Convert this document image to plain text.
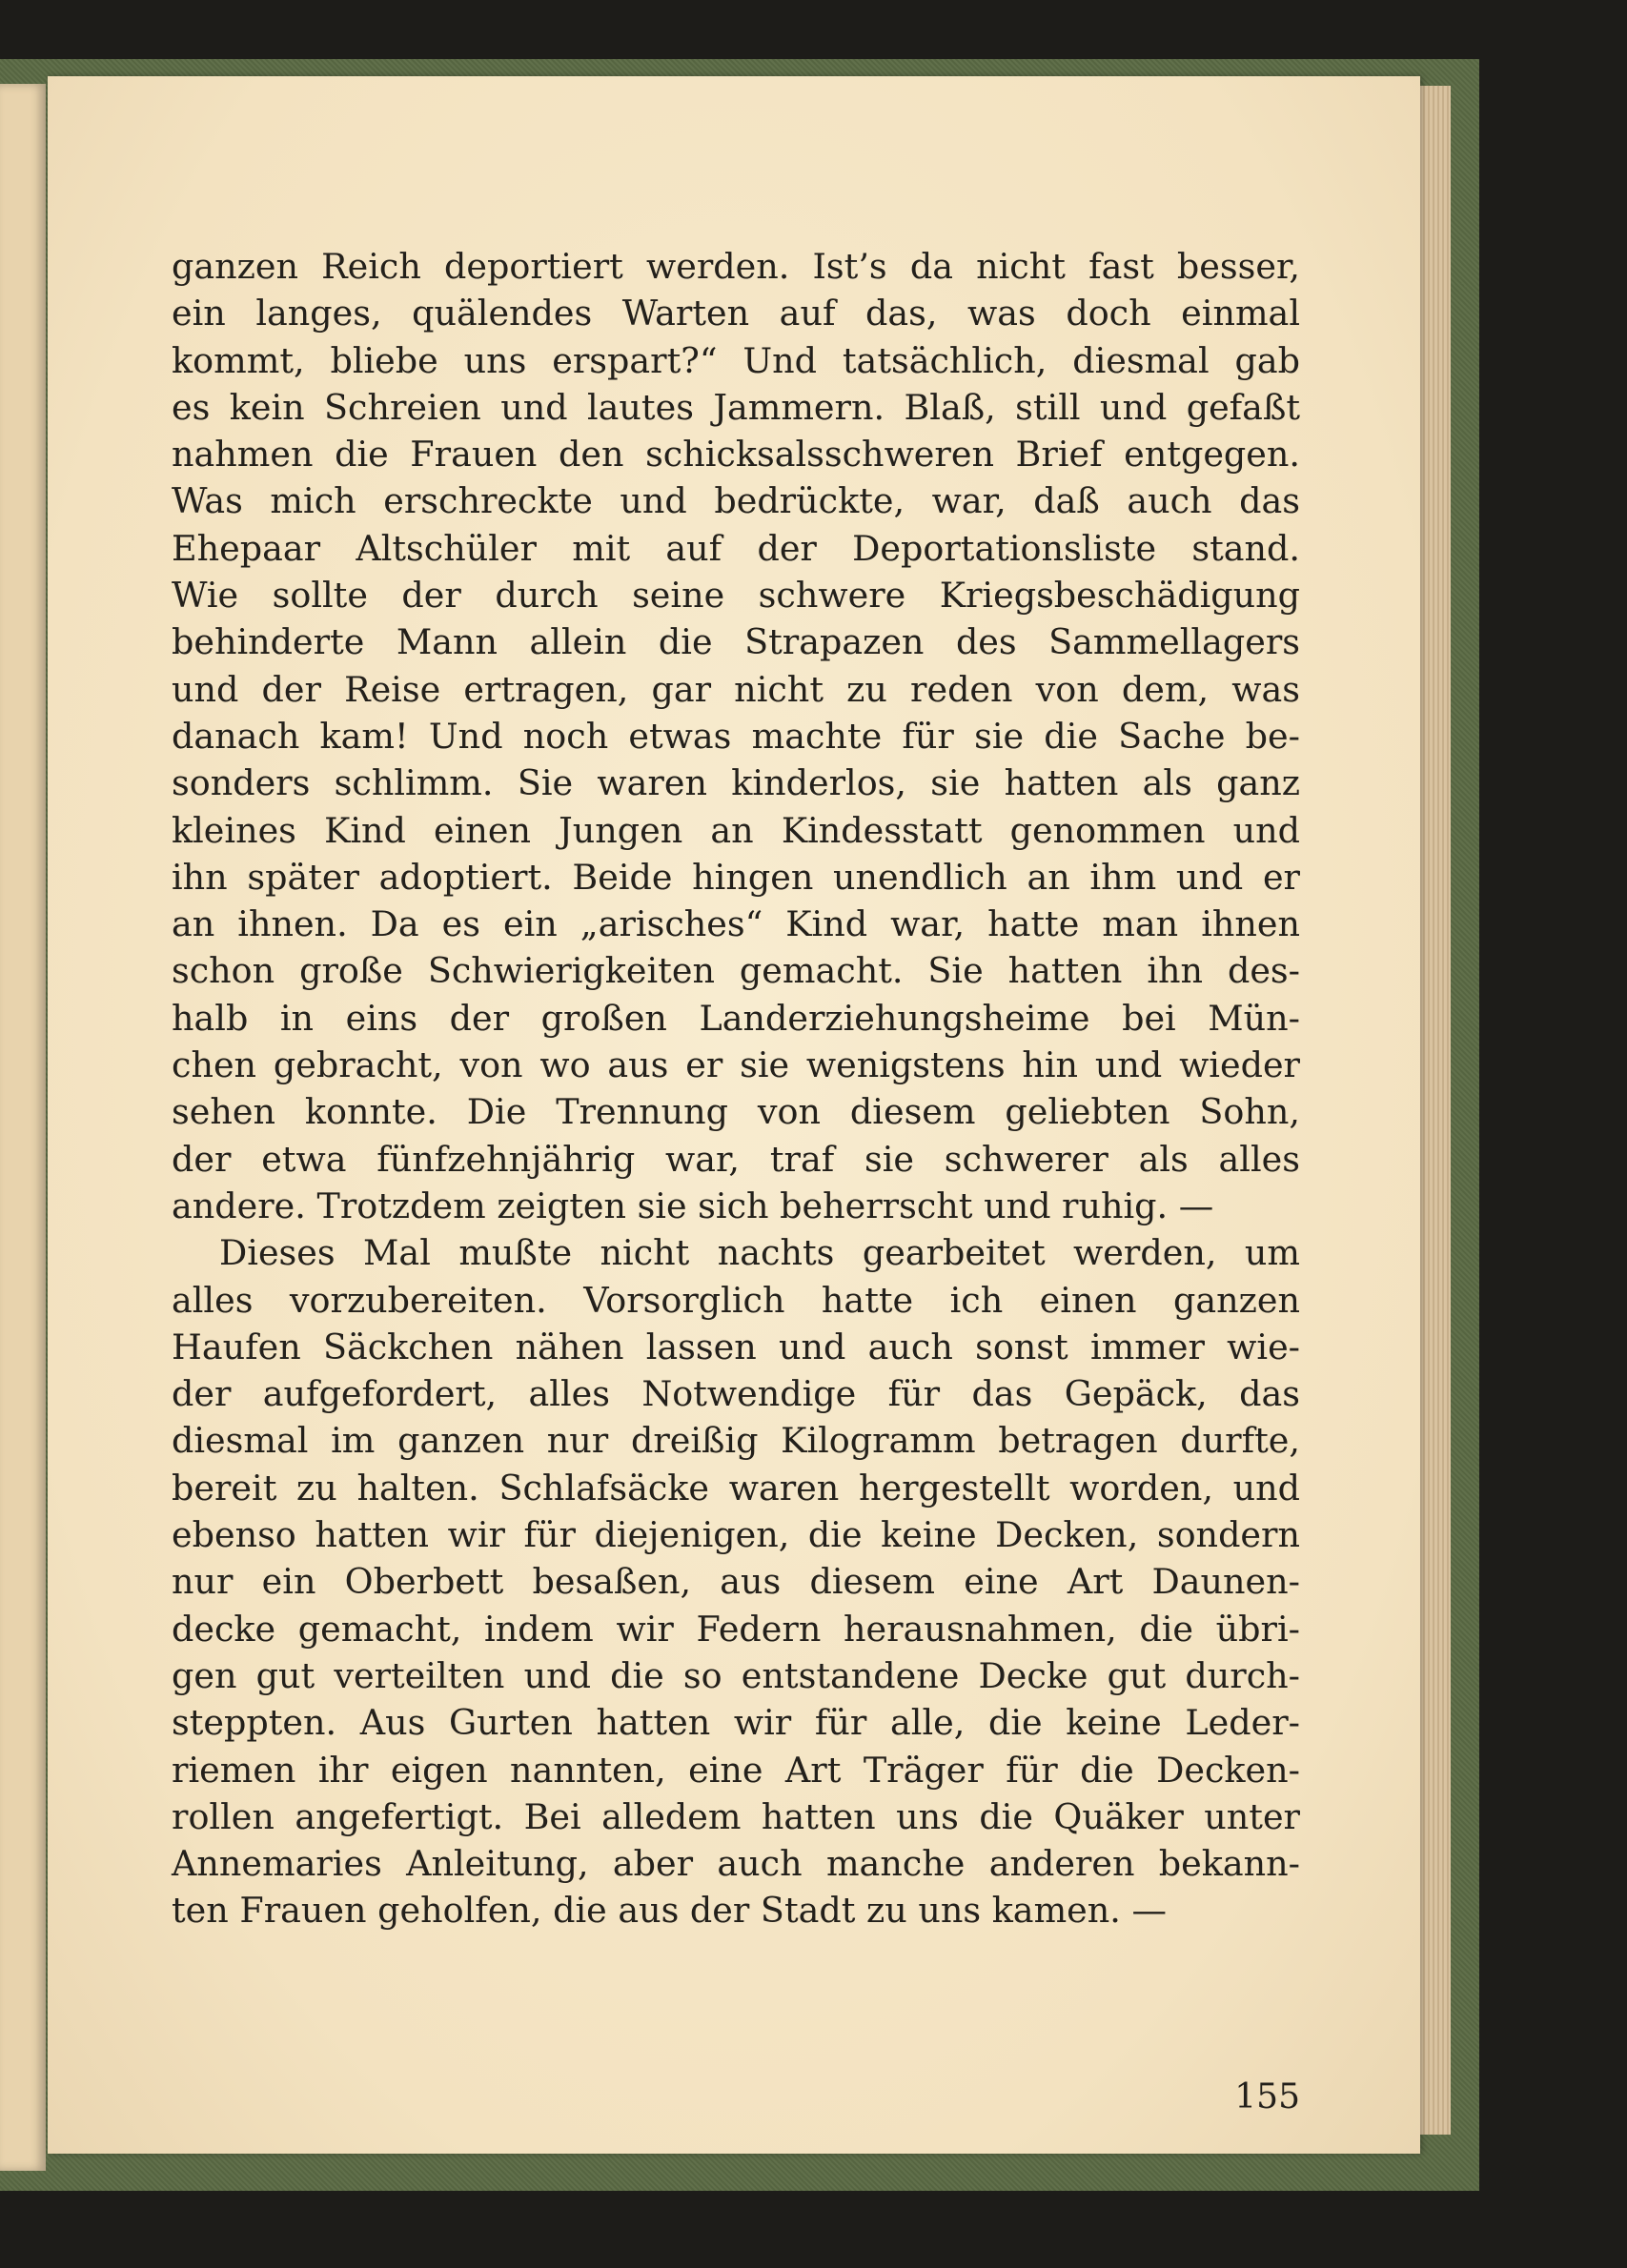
ganzen Reich deportiert werden. Ist’s da nicht fast besser,
ein langes, quälendes Warten auf das, was doch einmal
kommt, bliebe uns erspart?“ Und tatsächlich, diesmal gab
es kein Schreien und lautes Jammern. Blaß, still und gefaßt
nahmen die Frauen den schicksalsschweren Brief entgegen.
Was mich erschreckte und bedrückte, war, daß auch das
Ehepaar Altschüler mit auf der Deportationsliste stand.
Wie sollte der durch seine schwere Kriegsbeschädigung
behinderte Mann allein die Strapazen des Sammellagers
und der Reise ertragen, gar nicht zu reden von dem, was
danach kam! Und noch etwas machte für sie die Sache be-
sonders schlimm. Sie waren kinderlos, sie hatten als ganz
kleines Kind einen Jungen an Kindesstatt genommen und
ihn später adoptiert. Beide hingen unendlich an ihm und er
an ihnen. Da es ein „arisches“ Kind war, hatte man ihnen
schon große Schwierigkeiten gemacht. Sie hatten ihn des-
halb in eins der großen Landerziehungsheime bei Mün-
chen gebracht, von wo aus er sie wenigstens hin und wieder
sehen konnte. Die Trennung von diesem geliebten Sohn,
der etwa fünfzehnjährig war, traf sie schwerer als alles
andere. Trotzdem zeigten sie sich beherrscht und ruhig. —
Dieses Mal mußte nicht nachts gearbeitet werden, um
alles vorzubereiten. Vorsorglich hatte ich einen ganzen
Haufen Säckchen nähen lassen und auch sonst immer wie-
der aufgefordert, alles Notwendige für das Gepäck, das
diesmal im ganzen nur dreißig Kilogramm betragen durfte,
bereit zu halten. Schlafsäcke waren hergestellt worden, und
ebenso hatten wir für diejenigen, die keine Decken, sondern
nur ein Oberbett besaßen, aus diesem eine Art Daunen-
decke gemacht, indem wir Federn herausnahmen, die übri-
gen gut verteilten und die so entstandene Decke gut durch-
steppten. Aus Gurten hatten wir für alle, die keine Leder-
riemen ihr eigen nannten, eine Art Träger für die Decken-
rollen angefertigt. Bei alledem hatten uns die Quäker unter
Annemaries Anleitung, aber auch manche anderen bekann-
ten Frauen geholfen, die aus der Stadt zu uns kamen. —
155
